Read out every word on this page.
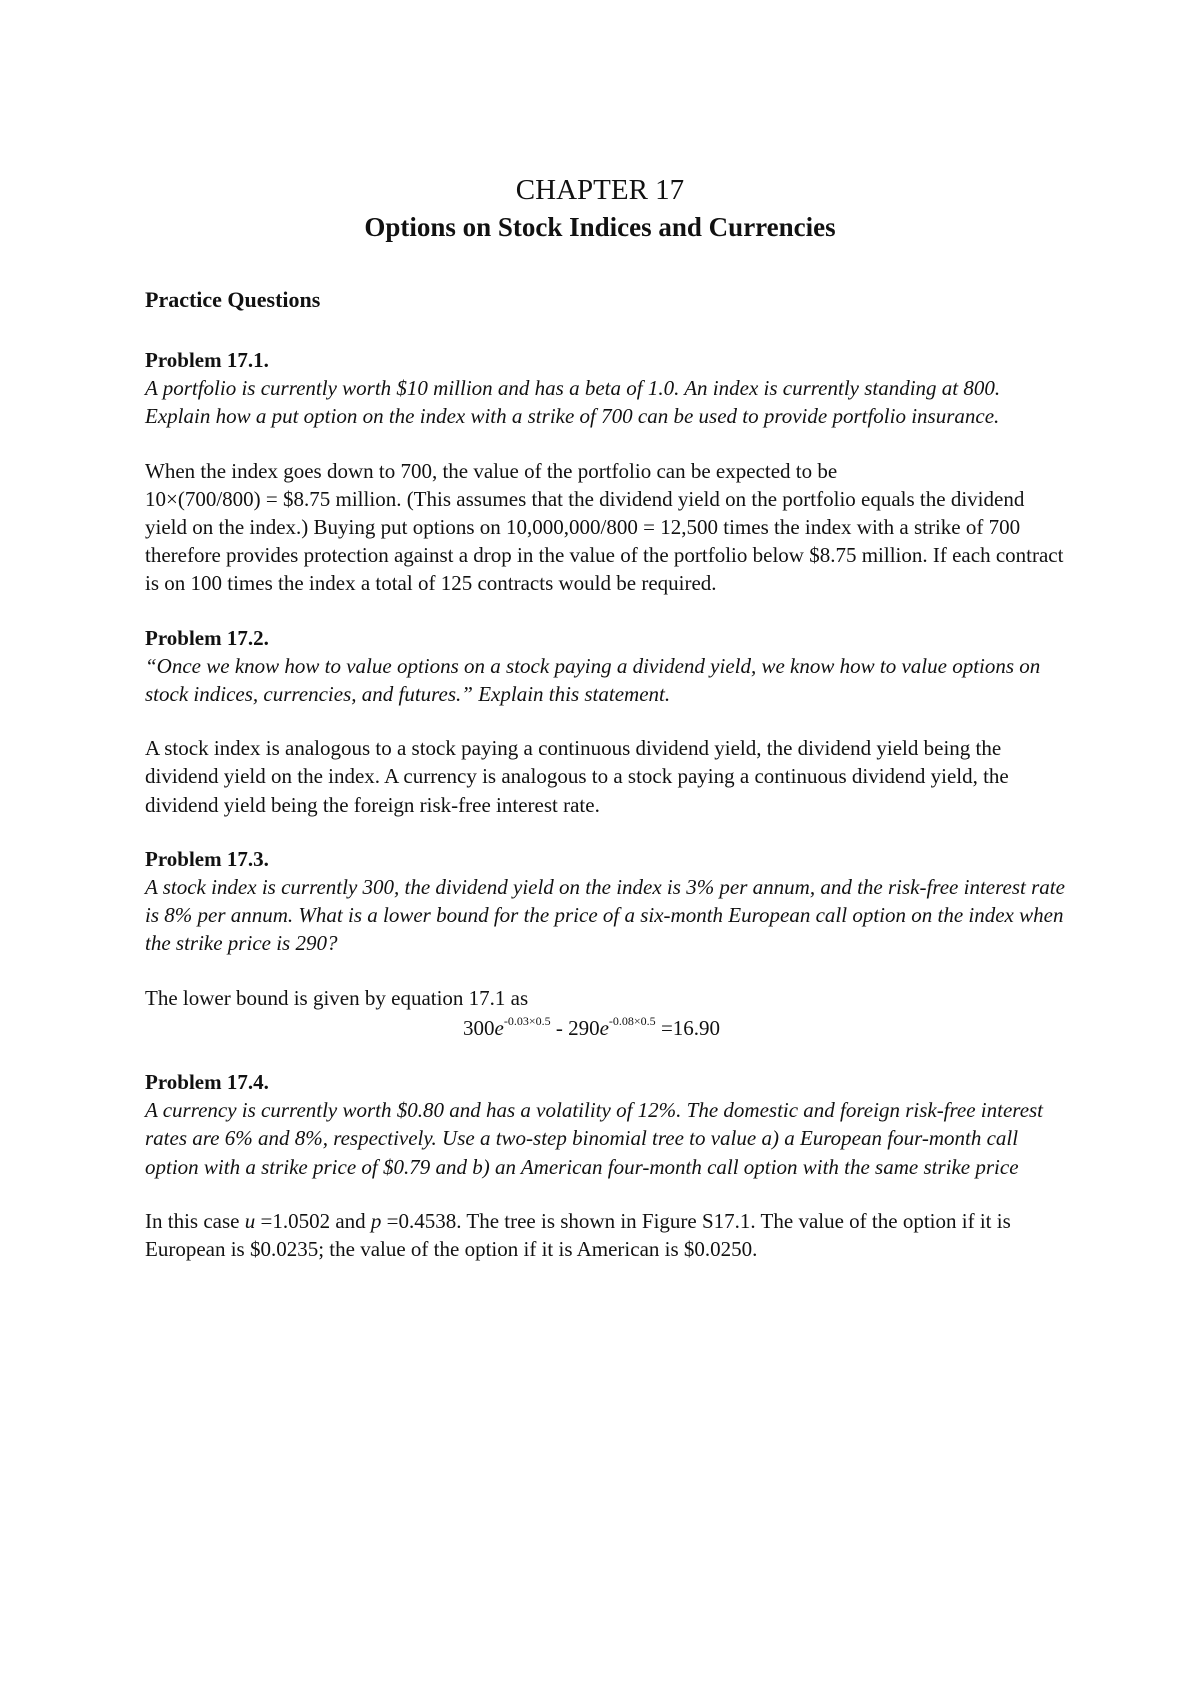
CHAPTER 17

Options on Stock Indices and Currencies

Practice Questions

Problem 17.1.

A portfolio is currently worth $10 million and has a beta of 1.0. An index is currently standing at 800. Explain how a put option on the index with a strike of 700 can be used to provide portfolio insurance.

When the index goes down to 700, the value of the portfolio can be expected to be
10×(700/800) = $8.75 million. (This assumes that the dividend yield on the portfolio equals the dividend yield on the index.) Buying put options on 10,000,000/800 = 12,500 times the index with a strike of 700 therefore provides protection against a drop in the value of the portfolio below $8.75 million. If each contract is on 100 times the index a total of 125 contracts would be required.

Problem 17.2.

“Once we know how to value options on a stock paying a dividend yield, we know how to value options on stock indices, currencies, and futures.” Explain this statement.

A stock index is analogous to a stock paying a continuous dividend yield, the dividend yield being the dividend yield on the index. A currency is analogous to a stock paying a continuous dividend yield, the dividend yield being the foreign risk-free interest rate.

Problem 17.3.

A stock index is currently 300, the dividend yield on the index is 3% per annum, and the risk-free interest rate is 8% per annum. What is a lower bound for the price of a six-month European call option on the index when the strike price is 290?

The lower bound is given by equation 17.1 as
$300e^{-0.03\times 0.5} - 290e^{-0.08\times 0.5} =16.90$

Problem 17.4.

A currency is currently worth $0.80 and has a volatility of 12%. The domestic and foreign risk-free interest rates are 6% and 8%, respectively. Use a two-step binomial tree to value a) a European four-month call option with a strike price of $0.79 and b) an American four-month call option with the same strike price

In this case u =1.0502 and p =0.4538. The tree is shown in Figure S17.1. The value of the option if it is European is $0.0235; the value of the option if it is American is $0.0250.
